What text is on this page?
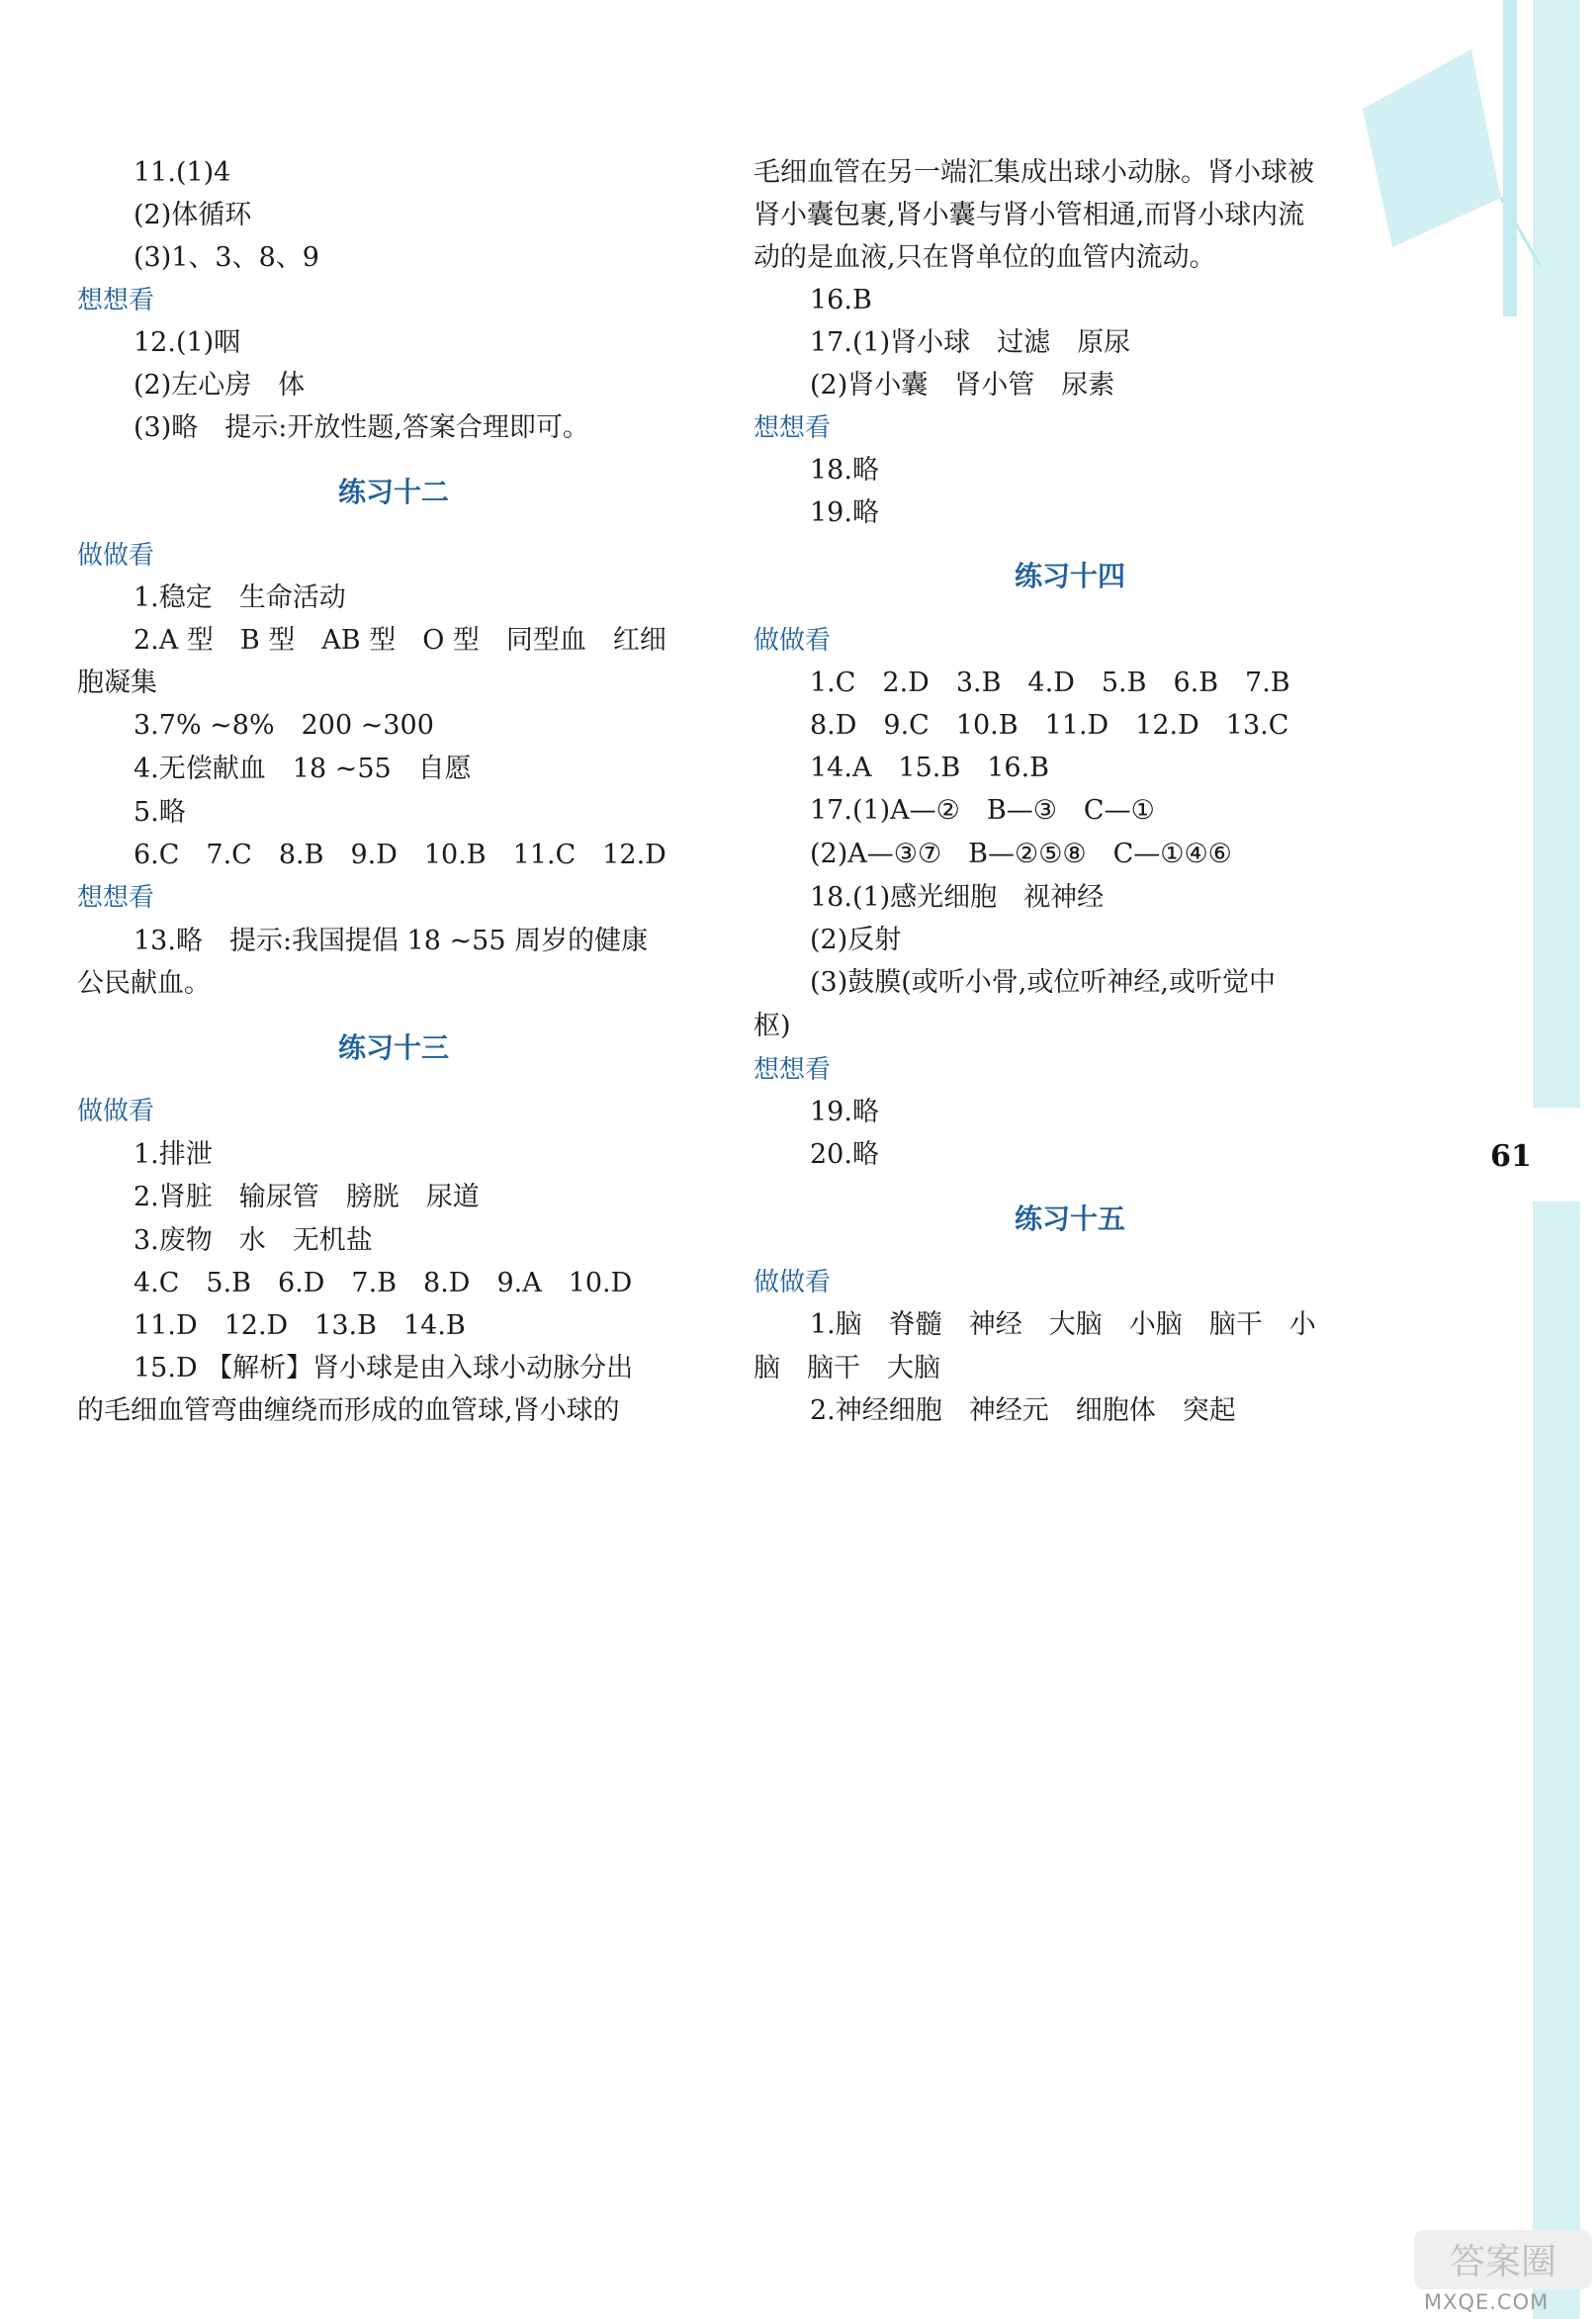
61
11.(1)4
(2)体循环
(3)1、3、8、9
想想看
12.(1)咽
(2)左心房　体
(3)略　提示:开放性题,答案合理即可。
练习十二
做做看
1.稳定　生命活动
2.A 型　B 型　AB 型　O 型　同型血　红细
胞凝集
3.7% ~8%　200 ~300
4.无偿献血　18 ~55　自愿
5.略
6.C　7.C　8.B　9.D　10.B　11.C　12.D
想想看
13.略　提示:我国提倡 18 ~55 周岁的健康
公民献血。
练习十三
做做看
1.排泄
2.肾脏　输尿管　膀胱　尿道
3.废物　水　无机盐
4.C　5.B　6.D　7.B　8.D　9.A　10.D
11.D　12.D　13.B　14.B
15.D 【解析】肾小球是由入球小动脉分出
的毛细血管弯曲缠绕而形成的血管球,肾小球的
毛细血管在另一端汇集成出球小动脉。肾小球被
肾小囊包裹,肾小囊与肾小管相通,而肾小球内流
动的是血液,只在肾单位的血管内流动。
16.B
17.(1)肾小球　过滤　原尿
(2)肾小囊　肾小管　尿素
想想看
18.略
19.略
练习十四
做做看
1.C　2.D　3.B　4.D　5.B　6.B　7.B
8.D　9.C　10.B　11.D　12.D　13.C
14.A　15.B　16.B
17.(1)A—②　B—③　C—①
(2)A—③⑦　B—②⑤⑧　C—①④⑥
18.(1)感光细胞　视神经
(2)反射
(3)鼓膜(或听小骨,或位听神经,或听觉中
枢)
想想看
19.略
20.略
练习十五
做做看
1.脑　脊髓　神经　大脑　小脑　脑干　小
脑　脑干　大脑
2.神经细胞　神经元　细胞体　突起
答案圈
MXQE.COM
